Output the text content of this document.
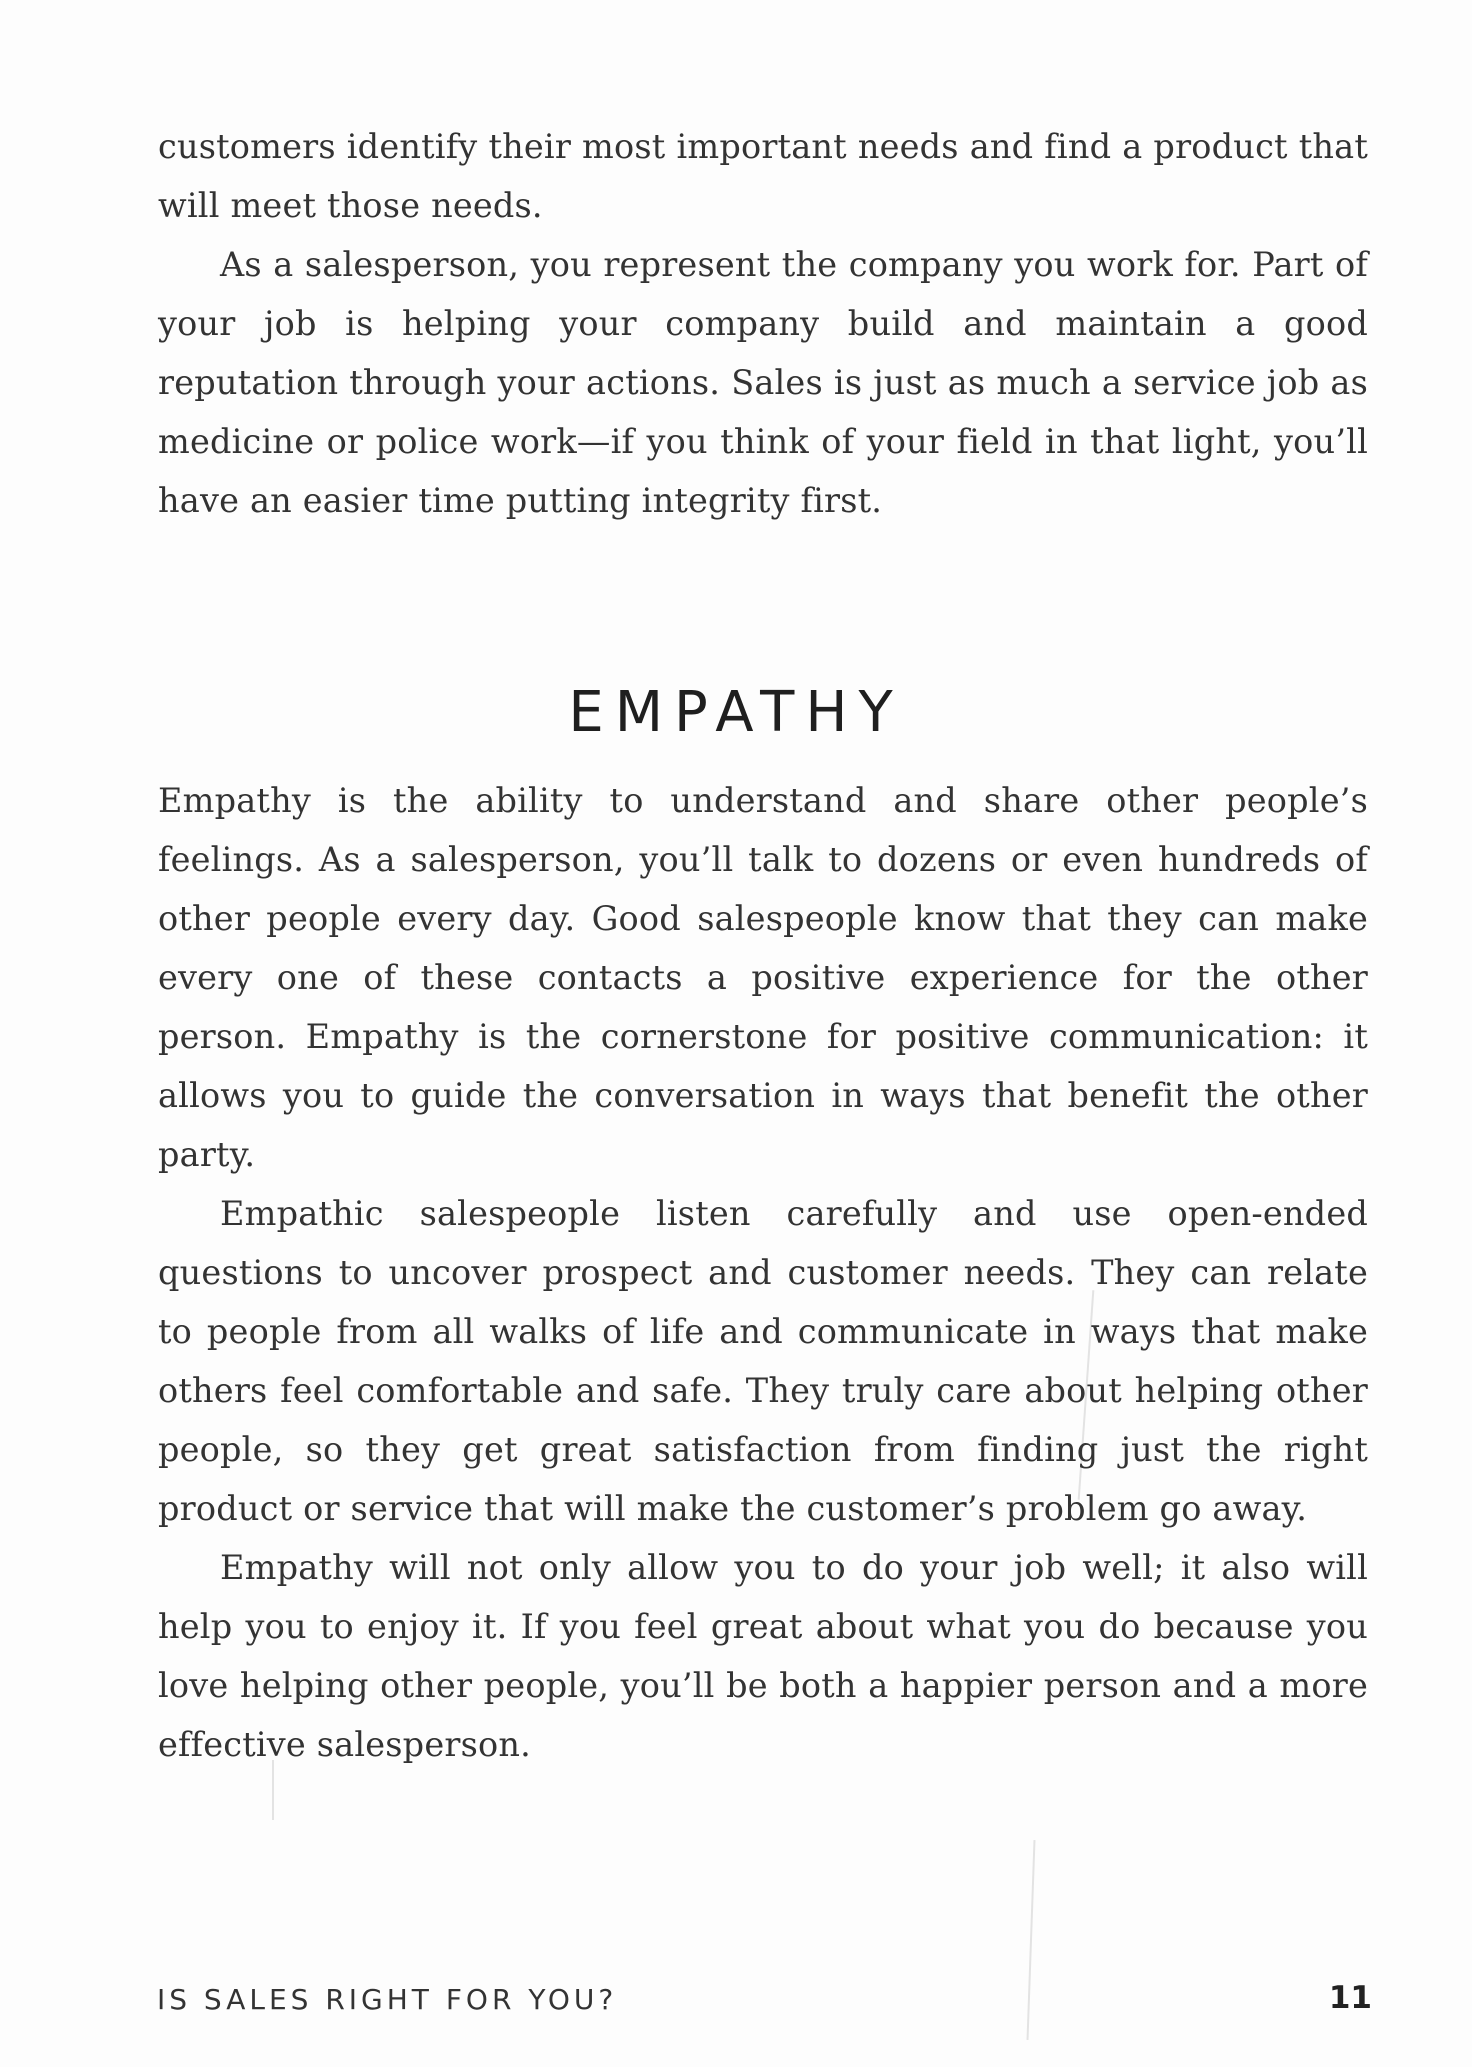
customers identify their most important needs and find a product that will meet those needs.

As a salesperson, you represent the company you work for. Part of your job is helping your company build and maintain a good reputation through your actions. Sales is just as much a service job as medicine or police work—if you think of your field in that light, you’ll have an easier time putting integrity first.

EMPATHY

Empathy is the ability to understand and share other people’s feelings. As a salesperson, you’ll talk to dozens or even hundreds of other people every day. Good salespeople know that they can make every one of these contacts a positive experience for the other person. Empathy is the cornerstone for positive communication: it allows you to guide the conversation in ways that benefit the other party.

Empathic salespeople listen carefully and use open-ended questions to uncover prospect and customer needs. They can relate to people from all walks of life and communicate in ways that make others feel comfortable and safe. They truly care about helping other people, so they get great satisfaction from finding just the right product or service that will make the customer’s problem go away.

Empathy will not only allow you to do your job well; it also will help you to enjoy it. If you feel great about what you do because you love helping other people, you’ll be both a happier person and a more effective salesperson.

IS SALES RIGHT FOR YOU?	11
